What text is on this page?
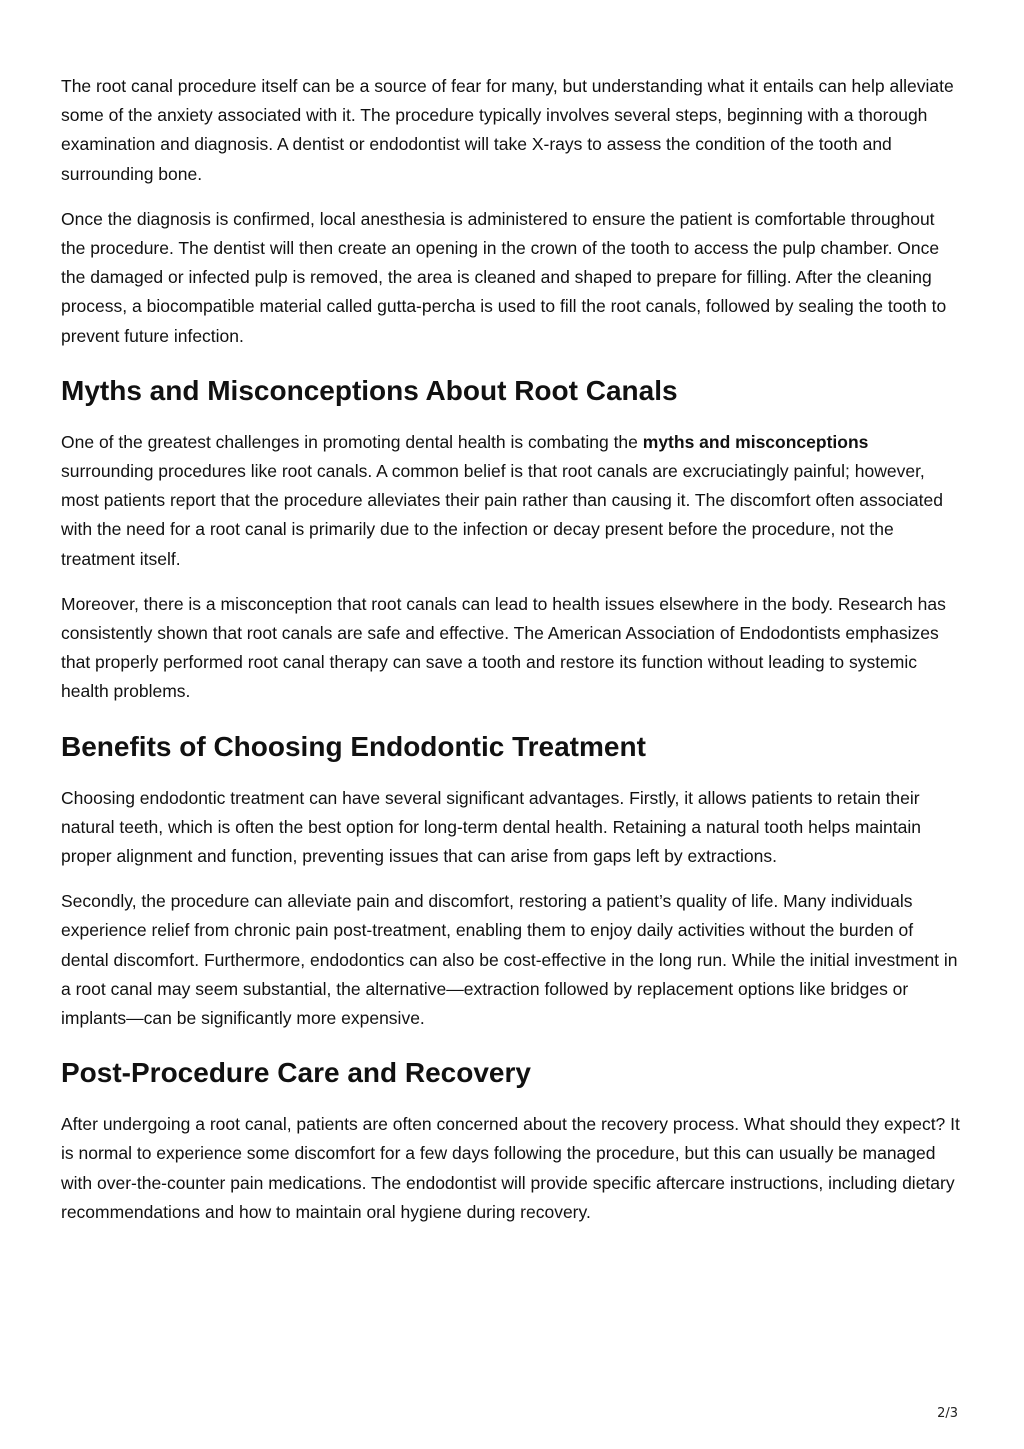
The root canal procedure itself can be a source of fear for many, but understanding what it entails can help alleviate some of the anxiety associated with it. The procedure typically involves several steps, beginning with a thorough examination and diagnosis. A dentist or endodontist will take X-rays to assess the condition of the tooth and surrounding bone.

Once the diagnosis is confirmed, local anesthesia is administered to ensure the patient is comfortable throughout the procedure. The dentist will then create an opening in the crown of the tooth to access the pulp chamber. Once the damaged or infected pulp is removed, the area is cleaned and shaped to prepare for filling. After the cleaning process, a biocompatible material called gutta-percha is used to fill the root canals, followed by sealing the tooth to prevent future infection.

Myths and Misconceptions About Root Canals

One of the greatest challenges in promoting dental health is combating the myths and misconceptions surrounding procedures like root canals. A common belief is that root canals are excruciatingly painful; however, most patients report that the procedure alleviates their pain rather than causing it. The discomfort often associated with the need for a root canal is primarily due to the infection or decay present before the procedure, not the treatment itself.

Moreover, there is a misconception that root canals can lead to health issues elsewhere in the body. Research has consistently shown that root canals are safe and effective. The American Association of Endodontists emphasizes that properly performed root canal therapy can save a tooth and restore its function without leading to systemic health problems.

Benefits of Choosing Endodontic Treatment

Choosing endodontic treatment can have several significant advantages. Firstly, it allows patients to retain their natural teeth, which is often the best option for long-term dental health. Retaining a natural tooth helps maintain proper alignment and function, preventing issues that can arise from gaps left by extractions.

Secondly, the procedure can alleviate pain and discomfort, restoring a patient’s quality of life. Many individuals experience relief from chronic pain post-treatment, enabling them to enjoy daily activities without the burden of dental discomfort. Furthermore, endodontics can also be cost-effective in the long run. While the initial investment in a root canal may seem substantial, the alternative—extraction followed by replacement options like bridges or implants—can be significantly more expensive.

Post-Procedure Care and Recovery

After undergoing a root canal, patients are often concerned about the recovery process. What should they expect? It is normal to experience some discomfort for a few days following the procedure, but this can usually be managed with over-the-counter pain medications. The endodontist will provide specific aftercare instructions, including dietary recommendations and how to maintain oral hygiene during recovery.

2/3
